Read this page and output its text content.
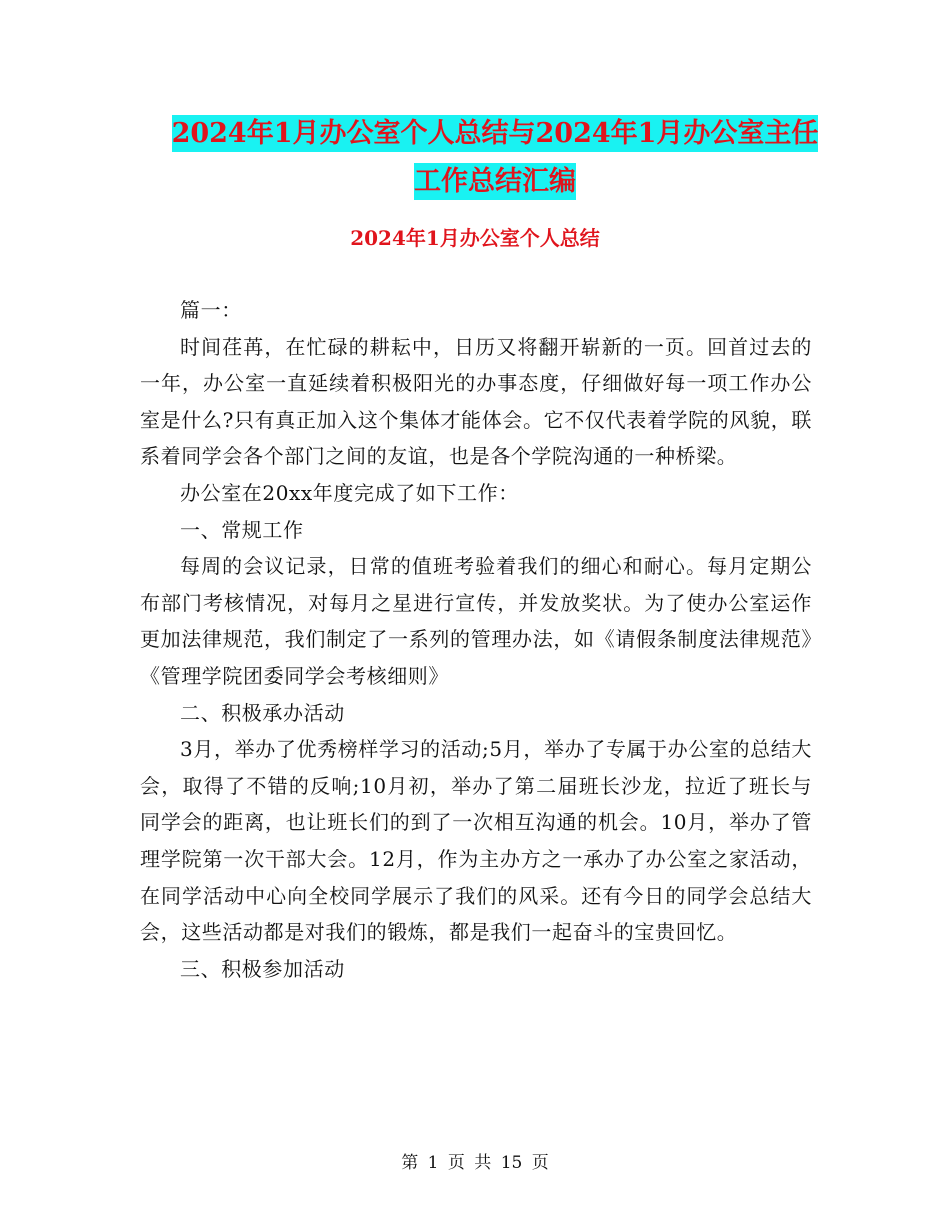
2024年1月办公室个人总结与2024年1月办公室主任
工作总结汇编
2024年1月办公室个人总结

篇一：

时间荏苒，在忙碌的耕耘中，日历又将翻开崭新的一页。回首过去的一年，办公室一直延续着积极阳光的办事态度，仔细做好每一项工作办公室是什么?只有真正加入这个集体才能体会。它不仅代表着学院的风貌，联系着同学会各个部门之间的友谊，也是各个学院沟通的一种桥梁。

办公室在20xx年度完成了如下工作：

一、常规工作

每周的会议记录，日常的值班考验着我们的细心和耐心。每月定期公布部门考核情况，对每月之星进行宣传，并发放奖状。为了使办公室运作更加法律规范，我们制定了一系列的管理办法，如《请假条制度法律规范》《管理学院团委同学会考核细则》

二、积极承办活动

3月，举办了优秀榜样学习的活动;5月，举办了专属于办公室的总结大会，取得了不错的反响;10月初，举办了第二届班长沙龙，拉近了班长与同学会的距离，也让班长们的到了一次相互沟通的机会。10月，举办了管理学院第一次干部大会。12月，作为主办方之一承办了办公室之家活动，在同学活动中心向全校同学展示了我们的风采。还有今日的同学会总结大会，这些活动都是对我们的锻炼，都是我们一起奋斗的宝贵回忆。

三、积极参加活动

第 1 页 共 15 页
